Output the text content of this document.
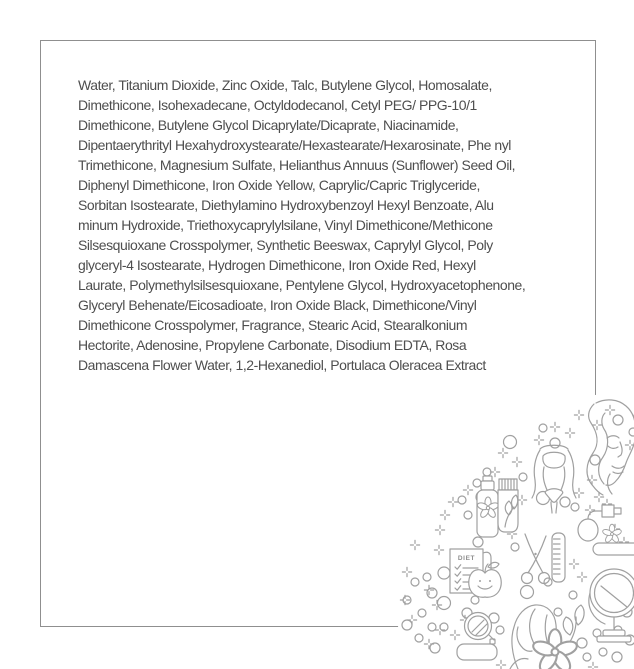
Water, Titanium Dioxide, Zinc Oxide, Talc, Butylene Glycol, Homosalate,
Dimethicone, Isohexadecane, Octyldodecanol, Cetyl PEG/ PPG-10/1
Dimethicone, Butylene Glycol Dicaprylate/Dicaprate, Niacinamide,
Dipentaerythrityl Hexahydroxystearate/Hexastearate/Hexarosinate, Phe nyl
Trimethicone, Magnesium Sulfate, Helianthus Annuus (Sunflower) Seed Oil,
Diphenyl Dimethicone, Iron Oxide Yellow, Caprylic/Capric Triglyceride,
Sorbitan Isostearate, Diethylamino Hydroxybenzoyl Hexyl Benzoate, Alu
minum Hydroxide, Triethoxycaprylylsilane, Vinyl Dimethicone/Methicone
Silsesquioxane Crosspolymer, Synthetic Beeswax, Caprylyl Glycol, Poly
glyceryl-4 Isostearate, Hydrogen Dimethicone, Iron Oxide Red, Hexyl
Laurate, Polymethylsilsesquioxane, Pentylene Glycol, Hydroxyacetophenone,
Glyceryl Behenate/Eicosadioate, Iron Oxide Black, Dimethicone/Vinyl
Dimethicone Crosspolymer, Fragrance, Stearic Acid, Stearalkonium
Hectorite, Adenosine, Propylene Carbonate, Disodium EDTA, Rosa
Damascena Flower Water, 1,2-Hexanediol, Portulaca Oleracea Extract
DIET
